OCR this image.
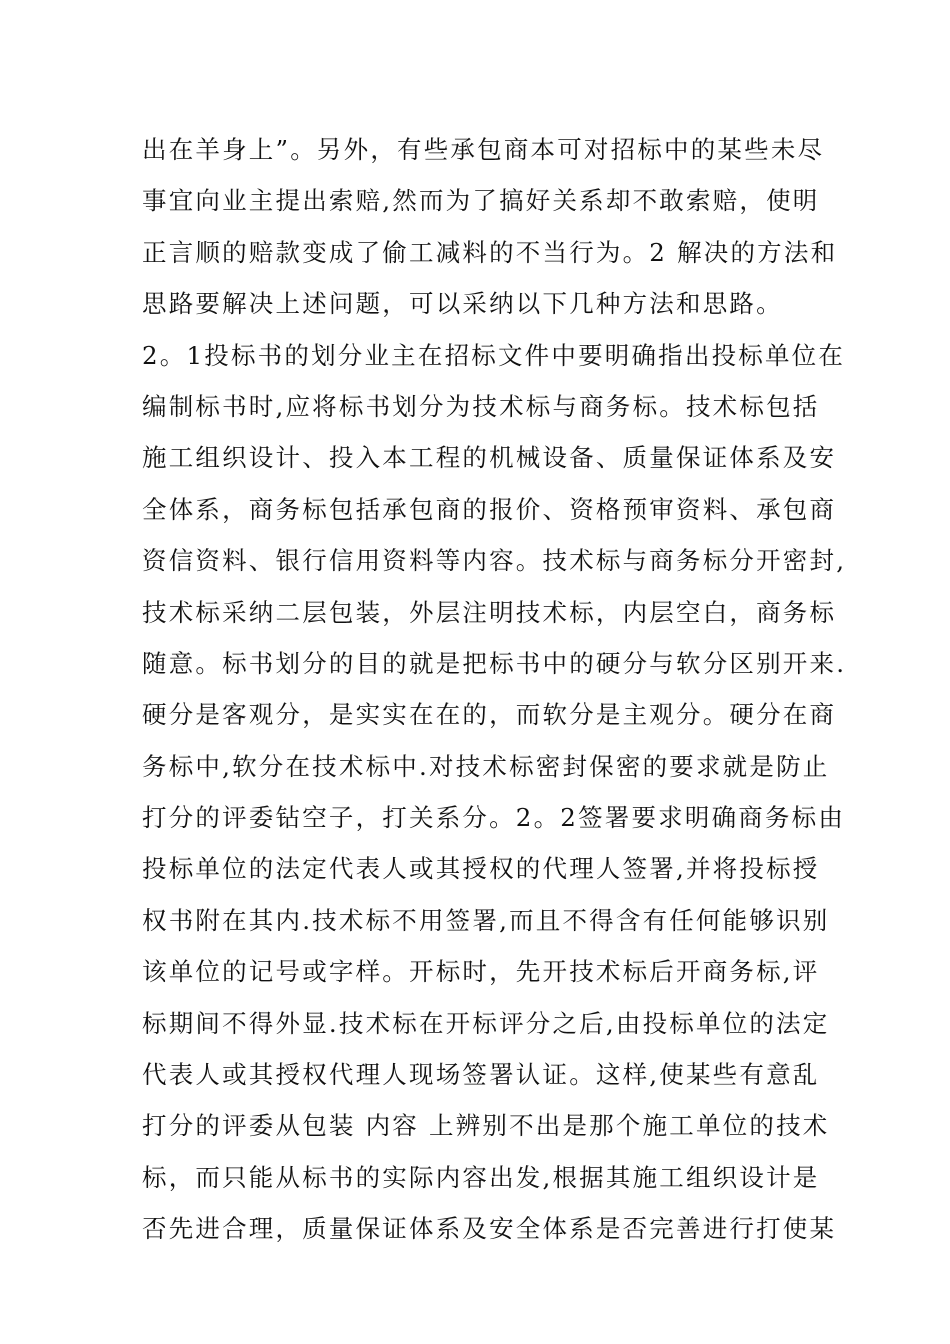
出在羊身上”。另外，有些承包商本可对招标中的某些未尽
事宜向业主提出索赔,然而为了搞好关系却不敢索赔，使明
正言顺的赔款变成了偷工减料的不当行为。2 解决的方法和
思路要解决上述问题，可以采纳以下几种方法和思路。
2。1投标书的划分业主在招标文件中要明确指出投标单位在
编制标书时,应将标书划分为技术标与商务标。技术标包括
施工组织设计、投入本工程的机械设备、质量保证体系及安
全体系，商务标包括承包商的报价、资格预审资料、承包商
资信资料、银行信用资料等内容。技术标与商务标分开密封,
技术标采纳二层包装，外层注明技术标，内层空白，商务标
随意。标书划分的目的就是把标书中的硬分与软分区别开来.
硬分是客观分，是实实在在的，而软分是主观分。硬分在商
务标中,软分在技术标中.对技术标密封保密的要求就是防止
打分的评委钻空子，打关系分。2。2签署要求明确商务标由
投标单位的法定代表人或其授权的代理人签署,并将投标授
权书附在其内.技术标不用签署,而且不得含有任何能够识别
该单位的记号或字样。开标时，先开技术标后开商务标,评
标期间不得外显.技术标在开标评分之后,由投标单位的法定
代表人或其授权代理人现场签署认证。这样,使某些有意乱
打分的评委从包装 内容 上辨别不出是那个施工单位的技术
标，而只能从标书的实际内容出发,根据其施工组织设计是
否先进合理，质量保证体系及安全体系是否完善进行打使某
